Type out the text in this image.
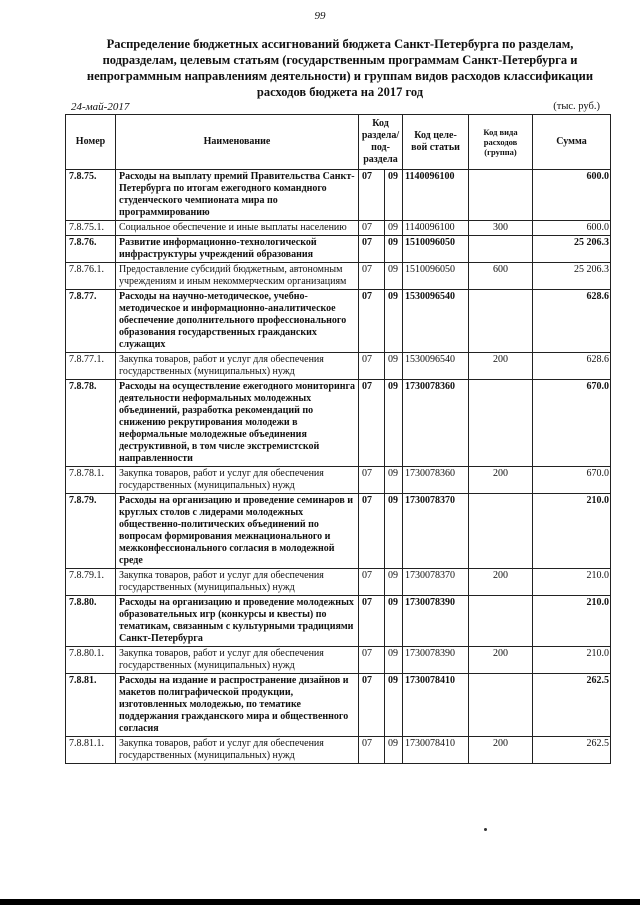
99
Распределение бюджетных ассигнований бюджета Санкт-Петербурга по разделам, подразделам, целевым статьям (государственным программам Санкт-Петербурга и непрограммным направлениям деятельности) и группам видов расходов классификации расходов бюджета на 2017 год
24-май-2017	(тыс. руб.)
Номер	Наименование	Код раздела/ под- раздела		Код целе- вой статьи	Код вида расходов (группа)	Сумма
7.8.75.	Расходы на выплату премий Правительства Санкт-Петербурга по итогам ежегодного командного студенческого чемпионата мира по программированию	07	09	1140096100		600.0
7.8.75.1.	Социальное обеспечение и иные выплаты населению	07	09	1140096100	300	600.0
7.8.76.	Развитие информационно-технологической инфраструктуры учреждений образования	07	09	1510096050		25 206.3
7.8.76.1.	Предоставление субсидий бюджетным, автономным учреждениям и иным некоммерческим организациям	07	09	1510096050	600	25 206.3
7.8.77.	Расходы на научно-методическое, учебно-методическое и информационно-аналитическое обеспечение дополнительного профессионального образования государственных гражданских служащих	07	09	1530096540		628.6
7.8.77.1.	Закупка товаров, работ и услуг для обеспечения государственных (муниципальных) нужд	07	09	1530096540	200	628.6
7.8.78.	Расходы на осуществление ежегодного мониторинга деятельности неформальных молодежных объединений, разработка рекомендаций по снижению рекрутирования молодежи в неформальные молодежные объединения деструктивной, в том числе экстремистской направленности	07	09	1730078360		670.0
7.8.78.1.	Закупка товаров, работ и услуг для обеспечения государственных (муниципальных) нужд	07	09	1730078360	200	670.0
7.8.79.	Расходы на организацию и проведение семинаров и круглых столов с лидерами молодежных общественно-политических объединений по вопросам формирования межнационального и межконфессионального согласия в молодежной среде	07	09	1730078370		210.0
7.8.79.1.	Закупка товаров, работ и услуг для обеспечения государственных (муниципальных) нужд	07	09	1730078370	200	210.0
7.8.80.	Расходы на организацию и проведение молодежных образовательных игр (конкурсы и квесты) по тематикам, связанным с культурными традициями Санкт-Петербурга	07	09	1730078390		210.0
7.8.80.1.	Закупка товаров, работ и услуг для обеспечения государственных (муниципальных) нужд	07	09	1730078390	200	210.0
7.8.81.	Расходы на издание и распространение дизайнов и макетов полиграфической продукции, изготовленных молодежью, по тематике поддержания гражданского мира и общественного согласия	07	09	1730078410		262.5
7.8.81.1.	Закупка товаров, работ и услуг для обеспечения государственных (муниципальных) нужд	07	09	1730078410	200	262.5
